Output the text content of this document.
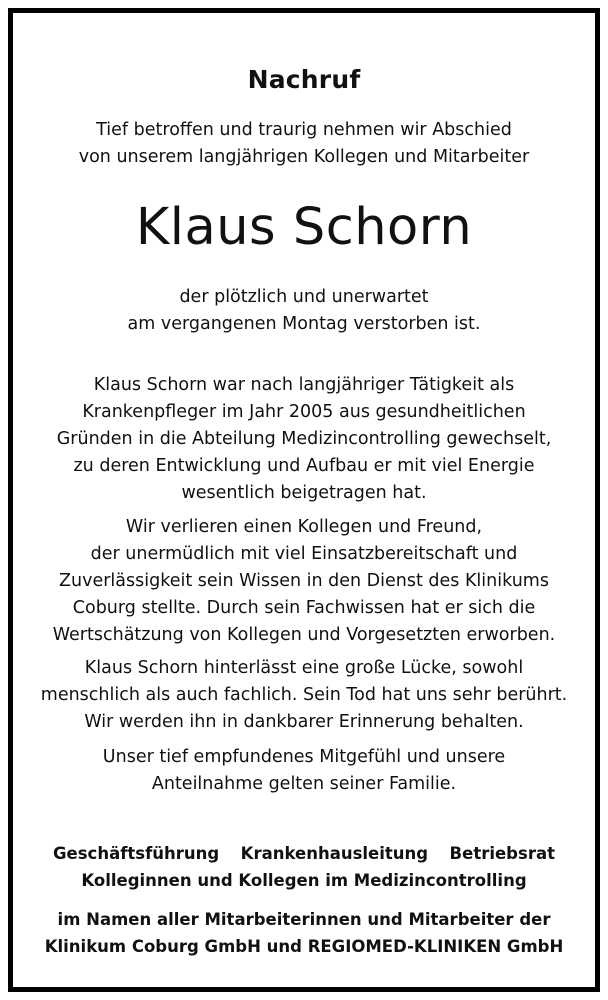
Nachruf
Tief betroffen und traurig nehmen wir Abschied
von unserem langjährigen Kollegen und Mitarbeiter
Klaus Schorn
der plötzlich und unerwartet
am vergangenen Montag verstorben ist.
Klaus Schorn war nach langjähriger Tätigkeit als
Krankenpfleger im Jahr 2005 aus gesundheitlichen
Gründen in die Abteilung Medizincontrolling gewechselt,
zu deren Entwicklung und Aufbau er mit viel Energie
wesentlich beigetragen hat.
Wir verlieren einen Kollegen und Freund,
der unermüdlich mit viel Einsatzbereitschaft und
Zuverlässigkeit sein Wissen in den Dienst des Klinikums
Coburg stellte. Durch sein Fachwissen hat er sich die
Wertschätzung von Kollegen und Vorgesetzten erworben.
Klaus Schorn hinterlässt eine große Lücke, sowohl
menschlich als auch fachlich. Sein Tod hat uns sehr berührt.
Wir werden ihn in dankbarer Erinnerung behalten.
Unser tief empfundenes Mitgefühl und unsere
Anteilnahme gelten seiner Familie.
Geschäftsführung Krankenhausleitung Betriebsrat
Kolleginnen und Kollegen im Medizincontrolling
im Namen aller Mitarbeiterinnen und Mitarbeiter der
Klinikum Coburg GmbH und REGIOMED-KLINIKEN GmbH
